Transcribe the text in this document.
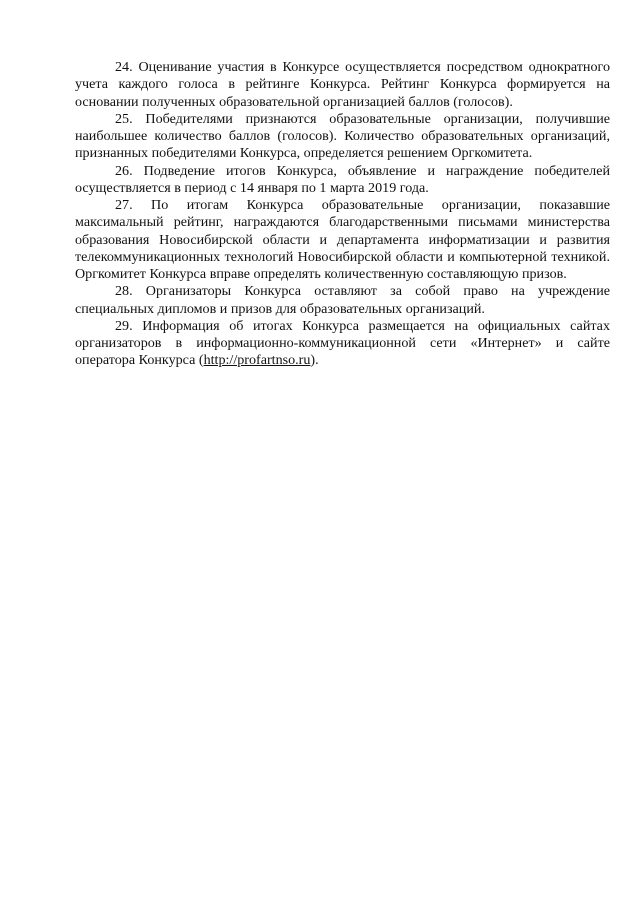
24. Оценивание участия в Конкурсе осуществляется посредством однократного учета каждого голоса в рейтинге Конкурса. Рейтинг Конкурса формируется на основании полученных образовательной организацией баллов (голосов).

25. Победителями признаются образовательные организации, получившие наибольшее количество баллов (голосов). Количество образовательных организаций, признанных победителями Конкурса, определяется решением Оргкомитета.

26. Подведение итогов Конкурса, объявление и награждение победителей осуществляется в период с 14 января по 1 марта 2019 года.

27. По итогам Конкурса образовательные организации, показавшие максимальный рейтинг, награждаются благодарственными письмами министерства образования Новосибирской области и департамента информатизации и развития телекоммуникационных технологий Новосибирской области и компьютерной техникой. Оргкомитет Конкурса вправе определять количественную составляющую призов.

28. Организаторы Конкурса оставляют за собой право на учреждение специальных дипломов и призов для образовательных организаций.

29. Информация об итогах Конкурса размещается на официальных сайтах организаторов в информационно-коммуникационной сети «Интернет» и сайте оператора Конкурса (http://profartnso.ru).
